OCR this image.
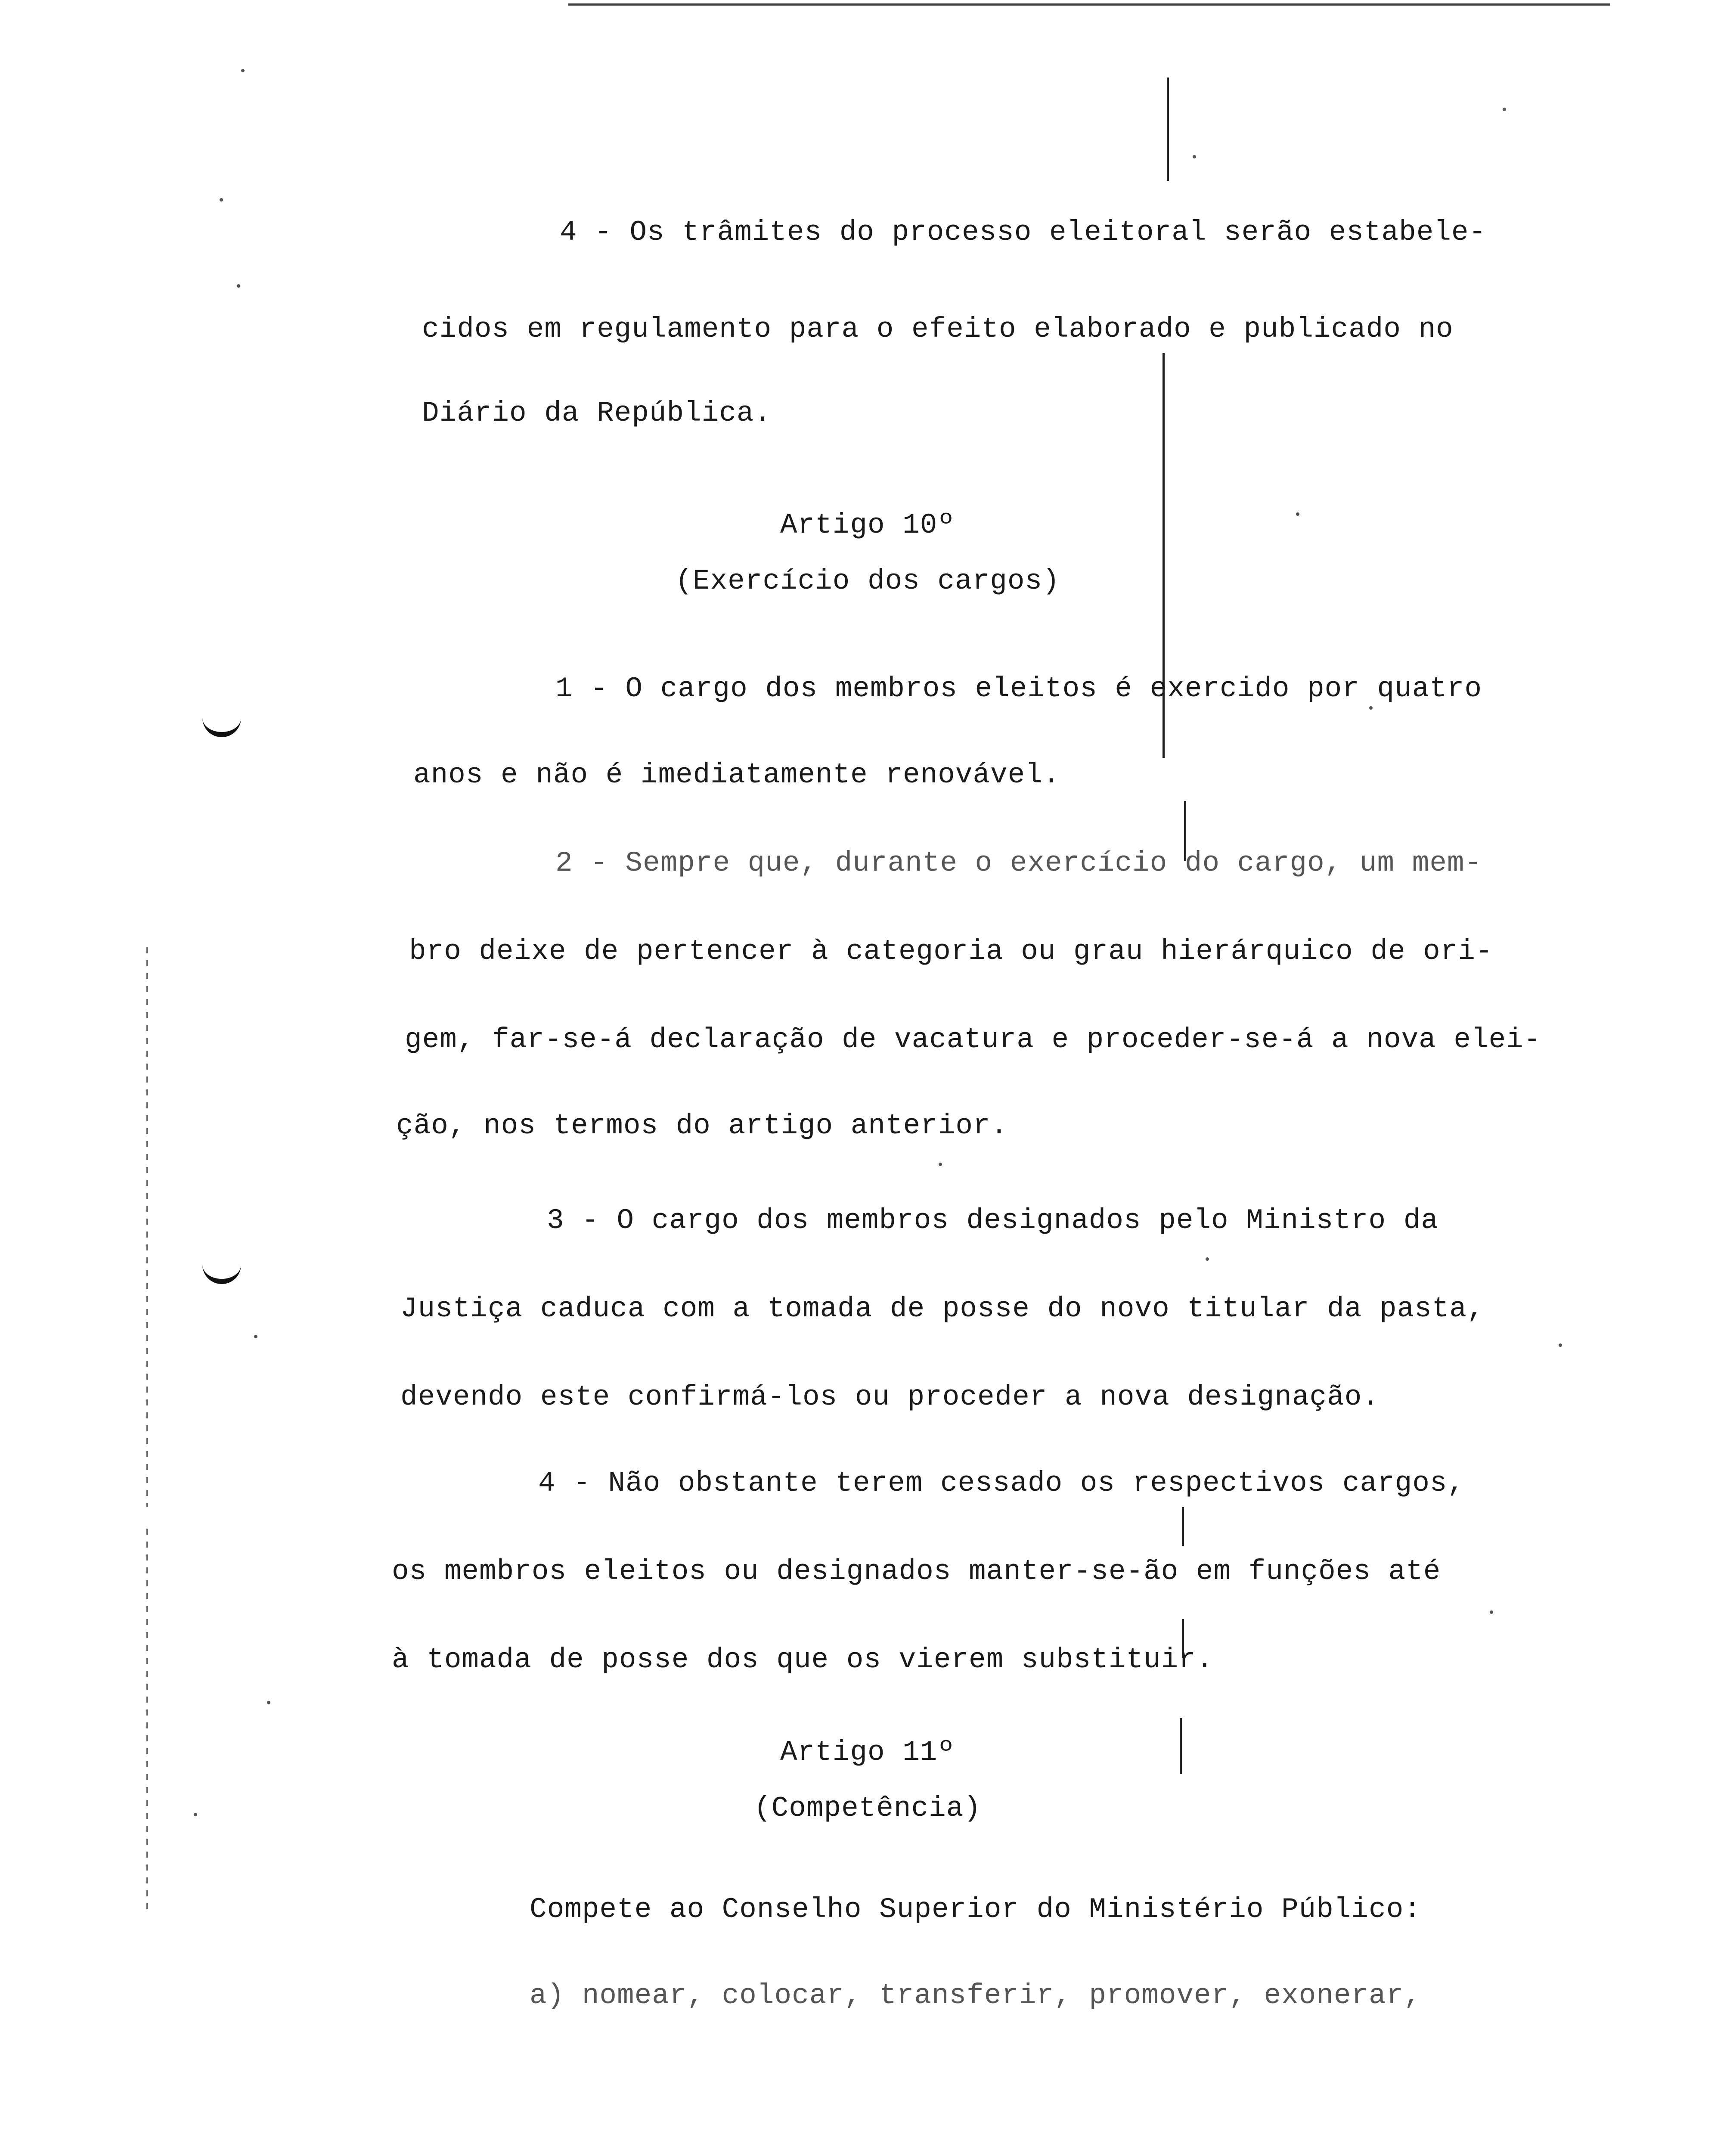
4 - Os trâmites do processo eleitoral serão estabele-
cidos em regulamento para o efeito elaborado e publicado no
Diário da República.
Artigo 10º
(Exercício dos cargos)
1 - O cargo dos membros eleitos é exercido por quatro
anos e não é imediatamente renovável.
2 - Sempre que, durante o exercício do cargo, um mem-
bro deixe de pertencer à categoria ou grau hierárquico de ori-
gem, far-se-á declaração de vacatura e proceder-se-á a nova elei-
ção, nos termos do artigo anterior.
3 - O cargo dos membros designados pelo Ministro da
Justiça caduca com a tomada de posse do novo titular da pasta,
devendo este confirmá-los ou proceder a nova designação.
4 - Não obstante terem cessado os respectivos cargos,
os membros eleitos ou designados manter-se-ão em funções até
à tomada de posse dos que os vierem substituir.
Artigo 11º
(Competência)
Compete ao Conselho Superior do Ministério Público:
a) nomear, colocar, transferir, promover, exonerar,
